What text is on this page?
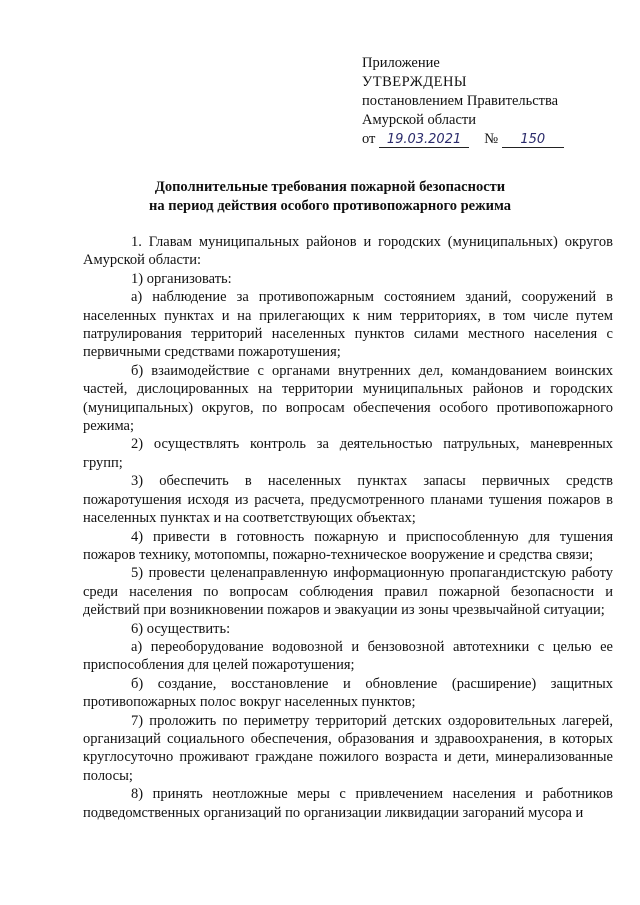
Приложение
УТВЕРЖДЕНЫ
постановлением Правительства
Амурской области
от 19.03.2021 № 150
Дополнительные требования пожарной безопасности
на период действия особого противопожарного режима

1. Главам муниципальных районов и городских (муниципальных) округов Амурской области:

1) организовать:

а) наблюдение за противопожарным состоянием зданий, сооружений в населенных пунктах и на прилегающих к ним территориях, в том числе путем патрулирования территорий населенных пунктов силами местного населения с первичными средствами пожаротушения;

б) взаимодействие с органами внутренних дел, командованием воинских частей, дислоцированных на территории муниципальных районов и городских (муниципальных) округов, по вопросам обеспечения особого противопожарного режима;

2) осуществлять контроль за деятельностью патрульных, маневренных групп;

3) обеспечить в населенных пунктах запасы первичных средств пожаротушения исходя из расчета, предусмотренного планами тушения пожаров в населенных пунктах и на соответствующих объектах;

4) привести в готовность пожарную и приспособленную для тушения пожаров технику, мотопомпы, пожарно-техническое вооружение и средства связи;

5) провести целенаправленную информационную пропагандистскую работу среди населения по вопросам соблюдения правил пожарной безопасности и действий при возникновении пожаров и эвакуации из зоны чрезвычайной ситуации;

6) осуществить:

а) переоборудование водовозной и бензовозной автотехники с целью ее приспособления для целей пожаротушения;

б) создание, восстановление и обновление (расширение) защитных противопожарных полос вокруг населенных пунктов;

7) проложить по периметру территорий детских оздоровительных лагерей, организаций социального обеспечения, образования и здравоохранения, в которых круглосуточно проживают граждане пожилого возраста и дети, минерализованные полосы;

8) принять неотложные меры с привлечением населения и работников подведомственных организаций по организации ликвидации загораний мусора и
